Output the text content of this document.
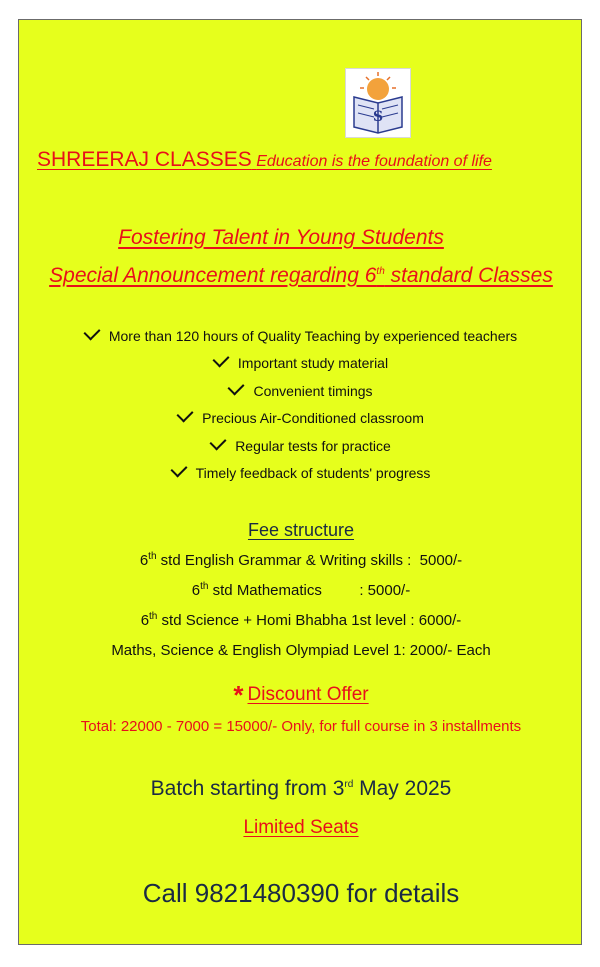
S
SHREERAJ CLASSES Education is the foundation of life
Fostering Talent in Young Students
Special Announcement regarding 6th standard Classes
More than 120 hours of Quality Teaching by experienced teachers
Important study material
Convenient timings
Precious Air-Conditioned classroom
Regular tests for practice
Timely feedback of students' progress
Fee structure
6th std English Grammar & Writing skills :  5000/-
6th std Mathematics         : 5000/-
6th std Science + Homi Bhabha 1st level : 6000/-
Maths, Science & English Olympiad Level 1: 2000/- Each
* Discount Offer
Total: 22000 - 7000 = 15000/- Only, for full course in 3 installments
Batch starting from 3rd May 2025
Limited Seats
Call 9821480390 for details
